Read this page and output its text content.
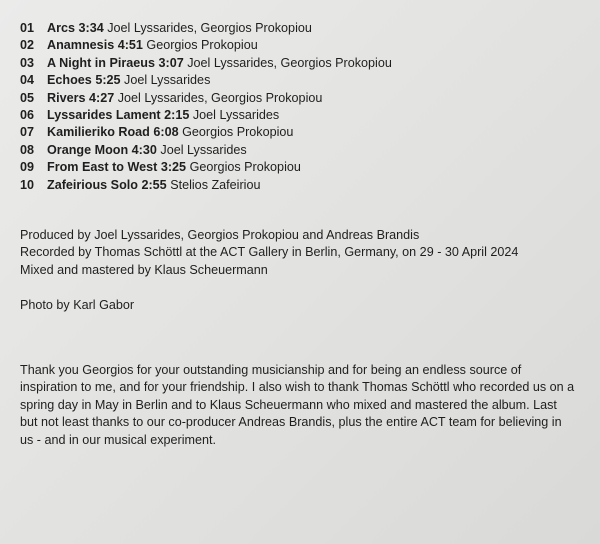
01 Arcs 3:34 Joel Lyssarides, Georgios Prokopiou
02 Anamnesis 4:51 Georgios Prokopiou
03 A Night in Piraeus 3:07 Joel Lyssarides, Georgios Prokopiou
04 Echoes 5:25 Joel Lyssarides
05 Rivers 4:27 Joel Lyssarides, Georgios Prokopiou
06 Lyssarides Lament 2:15 Joel Lyssarides
07 Kamilieriko Road 6:08 Georgios Prokopiou
08 Orange Moon 4:30 Joel Lyssarides
09 From East to West 3:25 Georgios Prokopiou
10 Zafeirious Solo 2:55 Stelios Zafeiriou

Produced by Joel Lyssarides, Georgios Prokopiou and Andreas Brandis

Recorded by Thomas Schöttl at the ACT Gallery in Berlin, Germany, on 29 - 30 April 2024

Mixed and mastered by Klaus Scheuermann

Photo by Karl Gabor
Thank you Georgios for your outstanding musicianship and for being an endless source of inspiration to me, and for your friendship. I also wish to thank Thomas Schöttl who recorded us on a spring day in May in Berlin and to Klaus Scheuermann who mixed and mastered the album. Last but not least thanks to our co-producer Andreas Brandis, plus the entire ACT team for believing in us - and in our musical experiment.
